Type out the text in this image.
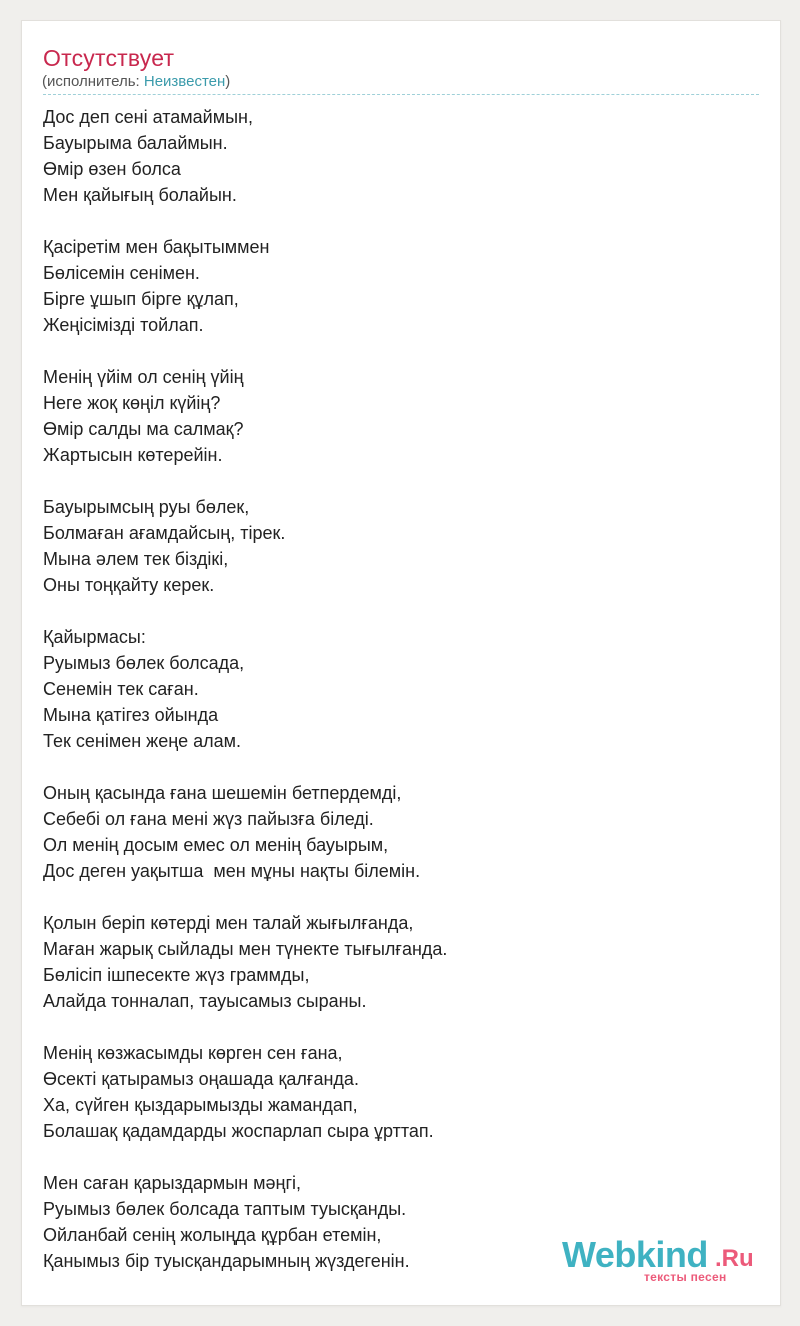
Отсутствует
(исполнитель: Неизвестен)
Дос деп сені атамаймын,
Бауырыма балаймын.
Өмір өзен болса
Мен қайығың болайын.

Қасіретім мен бақытыммен
Бөлісемін сенімен.
Бірге ұшып бірге құлап,
Жеңісімізді тойлап.

Менің үйім ол сенің үйің
Неге жоқ көңіл күйің?
Өмір салды ма салмақ?
Жартысын көтерейін.

Бауырымсың руы бөлек,
Болмаған ағамдайсың, тірек.
Мына әлем тек біздікі,
Оны тоңқайту керек.

Қайырмасы:
Руымыз бөлек болсада,
Сенемін тек саған.
Мына қатігез ойында
Тек сенімен жеңе алам.

Оның қасында ғана шешемін бетпердемді,
Себебі ол ғана мені жүз пайызға біледі.
Ол менің досым емес ол менің бауырым,
Дос деген уақытша  мен мұны нақты білемін.

Қолын беріп көтерді мен талай жығылғанда,
Маған жарық сыйлады мен түнекте тығылғанда.
Бөлісіп ішпесекте жүз граммды,
Алайда тонналап, тауысамыз сыраны.

Менің көзжасымды көрген сен ғана,
Өсекті қатырамыз оңашада қалғанда.
Ха, сүйген қыздарымызды жамандап,
Болашақ қадамдарды жоспарлап сыра ұрттап.

Мен саған қарыздармын мәңгі,
Руымыз бөлек болсада таптым туысқанды.
Ойланбай сенің жолыңда құрбан етемін,
Қанымыз бір туысқандарымның жүздегенін.	Webkind .Ru
тексты песен
